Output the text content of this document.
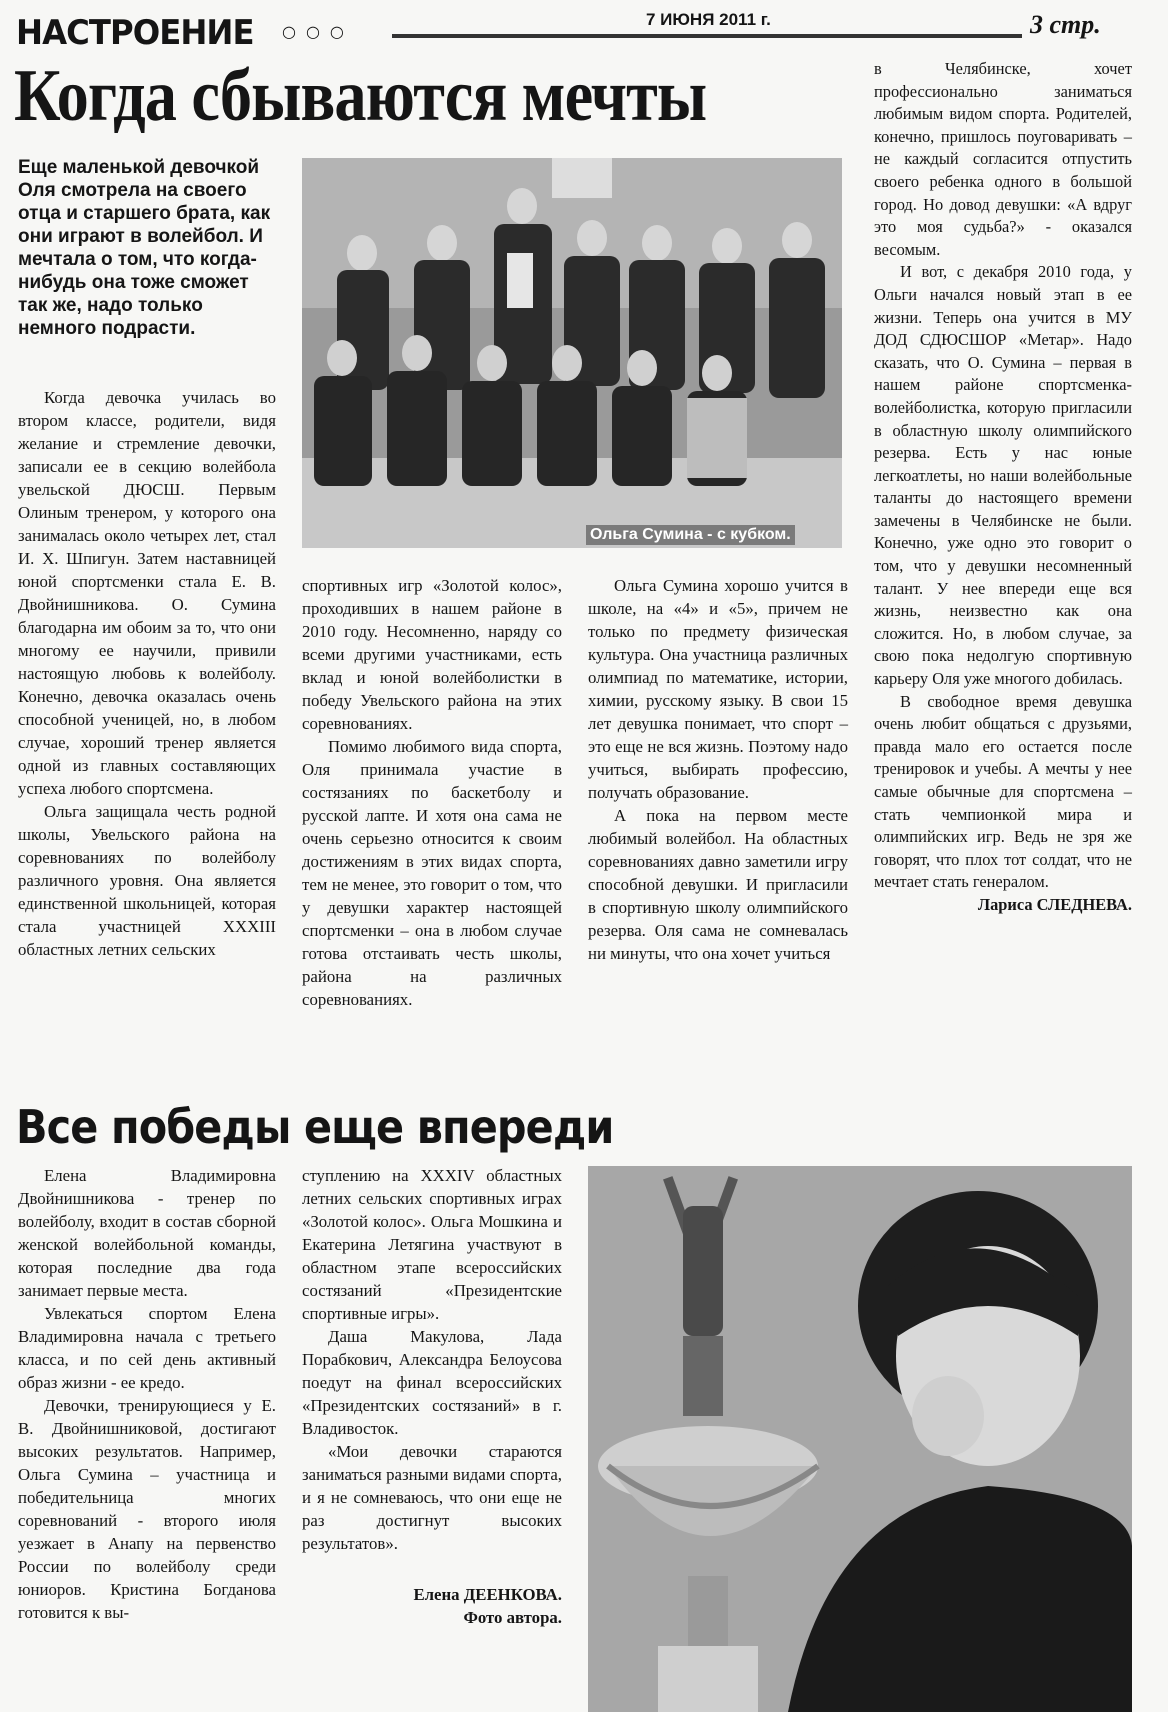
НАСТРОЕНИЕ ○○○
7 ИЮНЯ 2011 г.	3 стр.
Когда сбываются мечты
Еще маленькой девочкой Оля смотрела на своего отца и старшего брата, как они играют в волейбол. И мечтала о том, что когда-нибудь она тоже сможет так же, надо только немного подрасти.
Ольга Сумина - с кубком.

Когда девочка училась во втором классе, родители, видя желание и стремление девочки, записали ее в секцию волейбола увельской ДЮСШ. Первым Олиным тренером, у которого она занималась около четырех лет, стал И. Х. Шпигун. Затем наставницей юной спортсменки стала Е. В. Двойнишникова. О. Сумина благодарна им обоим за то, что они многому ее научили, привили настоящую любовь к волейболу. Конечно, девочка оказалась очень способной ученицей, но, в любом случае, хороший тренер является одной из главных составляющих успеха любого спортсмена.

Ольга защищала честь родной школы, Увельского района на соревнованиях по волейболу различного уровня. Она является единственной школьницей, которая стала участницей XXXIII областных летних сельских

спортивных игр «Золотой колос», проходивших в нашем районе в 2010 году. Несомненно, наряду со всеми другими участниками, есть вклад и юной волейболистки в победу Увельского района на этих соревнованиях.

Помимо любимого вида спорта, Оля принимала участие в состязаниях по баскетболу и русской лапте. И хотя она сама не очень серьезно относится к своим достижениям в этих видах спорта, тем не менее, это говорит о том, что у девушки характер настоящей спортсменки – она в любом случае готова отстаивать честь школы, района на различных соревнованиях.

Ольга Сумина хорошо учится в школе, на «4» и «5», причем не только по предмету физическая культура. Она участница различных олимпиад по математике, истории, химии, русскому языку. В свои 15 лет девушка понимает, что спорт – это еще не вся жизнь. Поэтому надо учиться, выбирать профессию, получать образование.

А пока на первом месте любимый волейбол. На областных соревнованиях давно заметили игру способной девушки. И пригласили в спортивную школу олимпийского резерва. Оля сама не сомневалась ни минуты, что она хочет учиться

в Челябинске, хочет профессионально заниматься любимым видом спорта. Родителей, конечно, пришлось поуговаривать – не каждый согласится отпустить своего ребенка одного в большой город. Но довод девушки: «А вдруг это моя судьба?» - оказался весомым.

И вот, с декабря 2010 года, у Ольги начался новый этап в ее жизни. Теперь она учится в МУ ДОД СДЮСШОР «Метар». Надо сказать, что О. Сумина – первая в нашем районе спортсменка-волейболистка, которую пригласили в областную школу олимпийского резерва. Есть у нас юные легкоатлеты, но наши волейбольные таланты до настоящего времени замечены в Челябинске не были. Конечно, уже одно это говорит о том, что у девушки несомненный талант. У нее впереди еще вся жизнь, неизвестно как она сложится. Но, в любом случае, за свою пока недолгую спортивную карьеру Оля уже многого добилась.

В свободное время девушка очень любит общаться с друзьями, правда мало его остается после тренировок и учебы. А мечты у нее самые обычные для спортсмена – стать чемпионкой мира и олимпийских игр. Ведь не зря же говорят, что плох тот солдат, что не мечтает стать генералом.

Лариса СЛЕДНЕВА.

Все победы еще впереди

Елена Владимировна Двойнишникова - тренер по волейболу, входит в состав сборной женской волейбольной команды, которая последние два года занимает первые места.

Увлекаться спортом Елена Владимировна начала с третьего класса, и по сей день активный образ жизни - ее кредо.

Девочки, тренирующиеся у Е. В. Двойнишниковой, достигают высоких результатов. Например, Ольга Сумина – участница и победительница многих соревнований - второго июля уезжает в Анапу на первенство России по волейболу среди юниоров. Кристина Богданова готовится к вы-

ступлению на XXXIV областных летних сельских спортивных играх «Золотой колос». Ольга Мошкина и Екатерина Летягина участвуют в областном этапе всероссийских состязаний «Президентские спортивные игры».

Даша Макулова, Лада Порабкович, Александра Белоусова поедут на финал всероссийских «Президентских состязаний» в г. Владивосток.

«Мои девочки стараются заниматься разными видами спорта, и я не сомневаюсь, что они еще не раз достигнут высоких результатов».

Елена ДЕЕНКОВА.

Фото автора.
